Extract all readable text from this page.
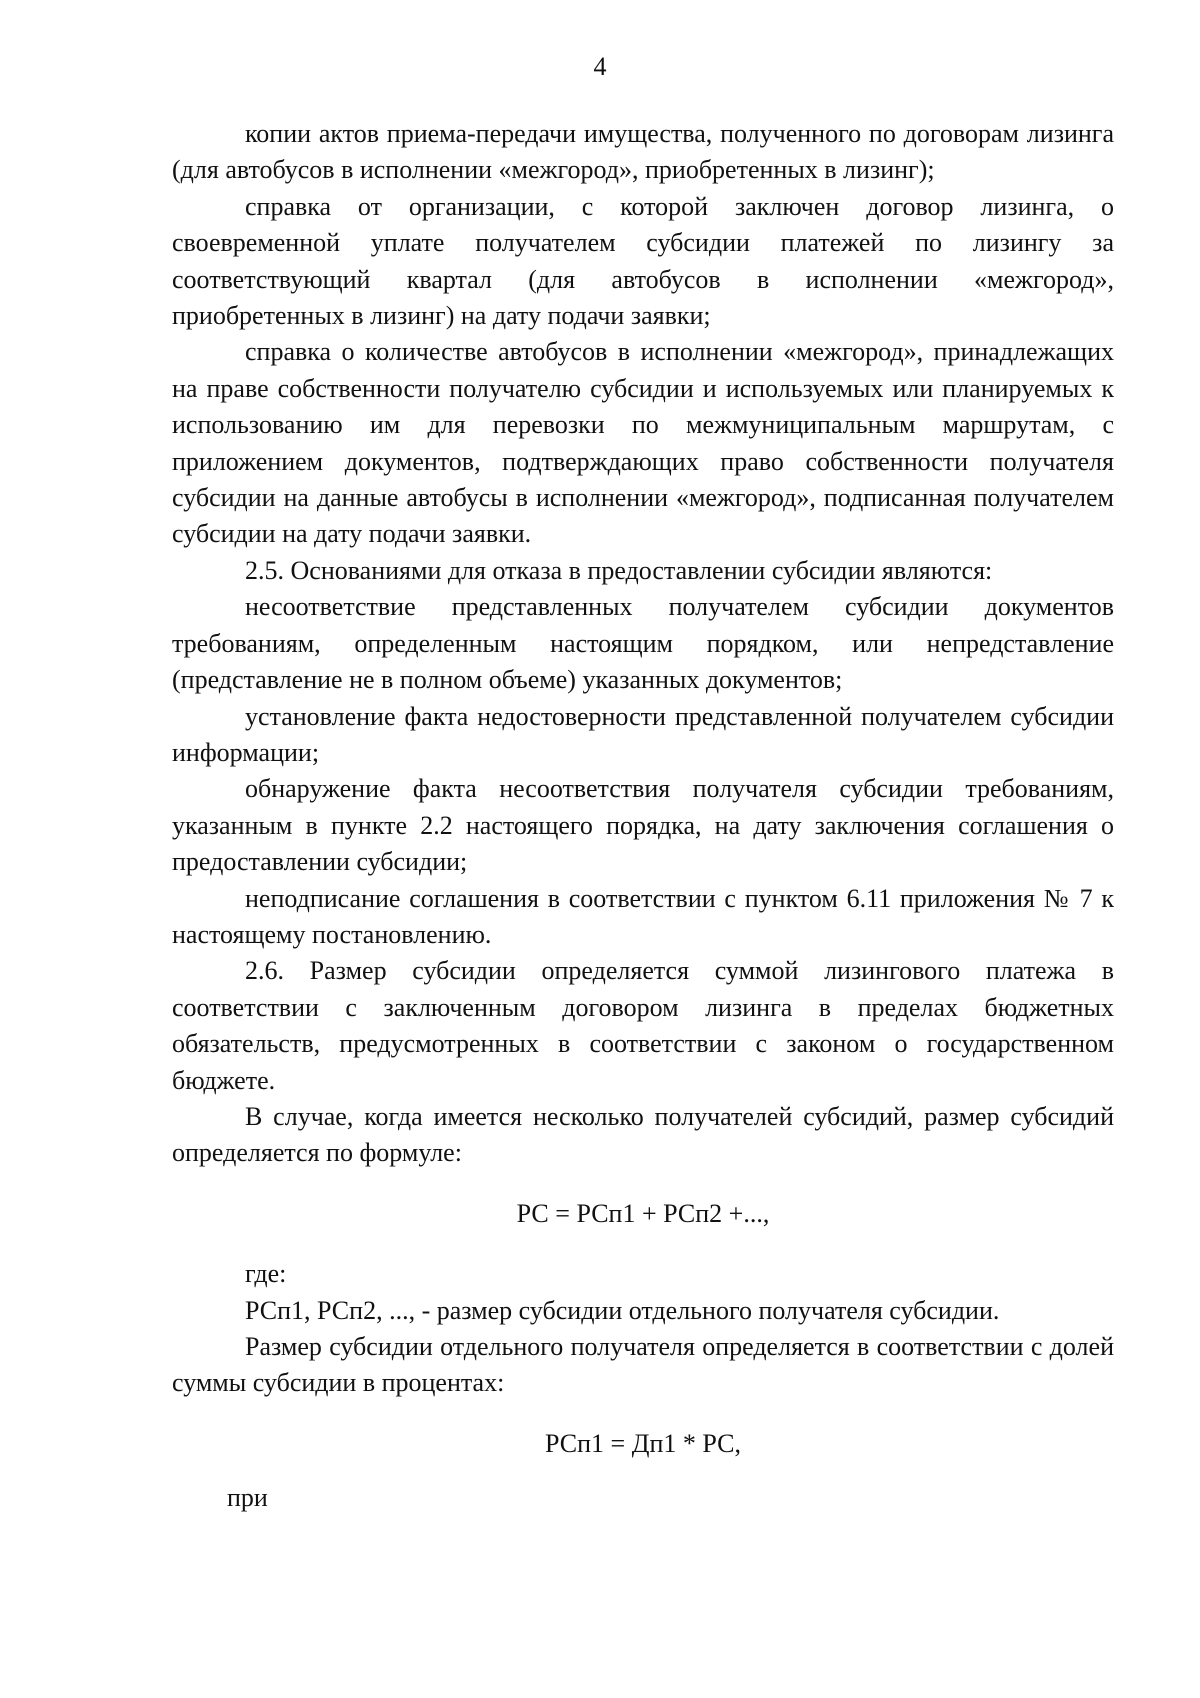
4

копии актов приема-передачи имущества, полученного по договорам лизинга (для автобусов в исполнении «межгород», приобретенных в лизинг);

справка от организации, с которой заключен договор лизинга, о своевременной уплате получателем субсидии платежей по лизингу за соответствующий квартал (для автобусов в исполнении «межгород», приобретенных в лизинг) на дату подачи заявки;

справка о количестве автобусов в исполнении «межгород», принадлежащих на праве собственности получателю субсидии и используемых или планируемых к использованию им для перевозки по межмуниципальным маршрутам, с приложением документов, подтверждающих право собственности получателя субсидии на данные автобусы в исполнении «межгород», подписанная получателем субсидии на дату подачи заявки.

2.5. Основаниями для отказа в предоставлении субсидии являются:

несоответствие представленных получателем субсидии документов требованиям, определенным настоящим порядком, или непредставление (представление не в полном объеме) указанных документов;

установление факта недостоверности представленной получателем субсидии информации;

обнаружение факта несоответствия получателя субсидии требованиям, указанным в пункте 2.2 настоящего порядка, на дату заключения соглашения о предоставлении субсидии;

неподписание соглашения в соответствии с пунктом 6.11 приложения № 7 к настоящему постановлению.

2.6. Размер субсидии определяется суммой лизингового платежа в соответствии с заключенным договором лизинга в пределах бюджетных обязательств, предусмотренных в соответствии с законом о государственном бюджете.

В случае, когда имеется несколько получателей субсидий, размер субсидий определяется по формуле:

РС = РСп1 + РСп2 +...,

где:

РСп1, РСп2, ..., - размер субсидии отдельного получателя субсидии.

Размер субсидии отдельного получателя определяется в соответствии с долей суммы субсидии в процентах:

РСп1 = Дп1 * РС,

при
